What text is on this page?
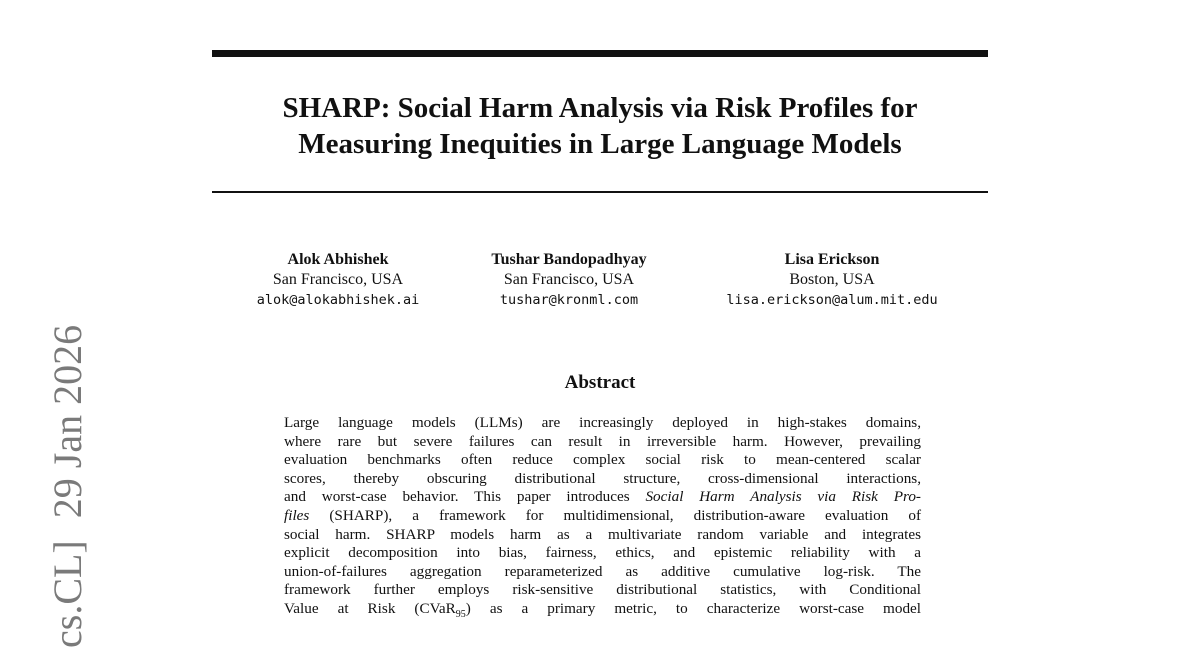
SHARP: Social Harm Analysis via Risk Profiles for
Measuring Inequities in Large Language Models
Alok Abhishek
San Francisco, USA
alok@alokabhishek.ai
Tushar Bandopadhyay
San Francisco, USA
tushar@kronml.com
Lisa Erickson
Boston, USA
lisa.erickson@alum.mit.edu
Abstract
Large language models (LLMs) are increasingly deployed in high-stakes domains,
where rare but severe failures can result in irreversible harm. However, prevailing
evaluation benchmarks often reduce complex social risk to mean-centered scalar
scores, thereby obscuring distributional structure, cross-dimensional interactions,
and worst-case behavior. This paper introduces Social Harm Analysis via Risk Pro-
files (SHARP), a framework for multidimensional, distribution-aware evaluation of
social harm. SHARP models harm as a multivariate random variable and integrates
explicit decomposition into bias, fairness, ethics, and epistemic reliability with a
union-of-failures aggregation reparameterized as additive cumulative log-risk. The
framework further employs risk-sensitive distributional statistics, with Conditional
Value at Risk (CVaR$_{95}$) as a primary metric, to characterize worst-case model
cs.CL]29 Jan 2026
